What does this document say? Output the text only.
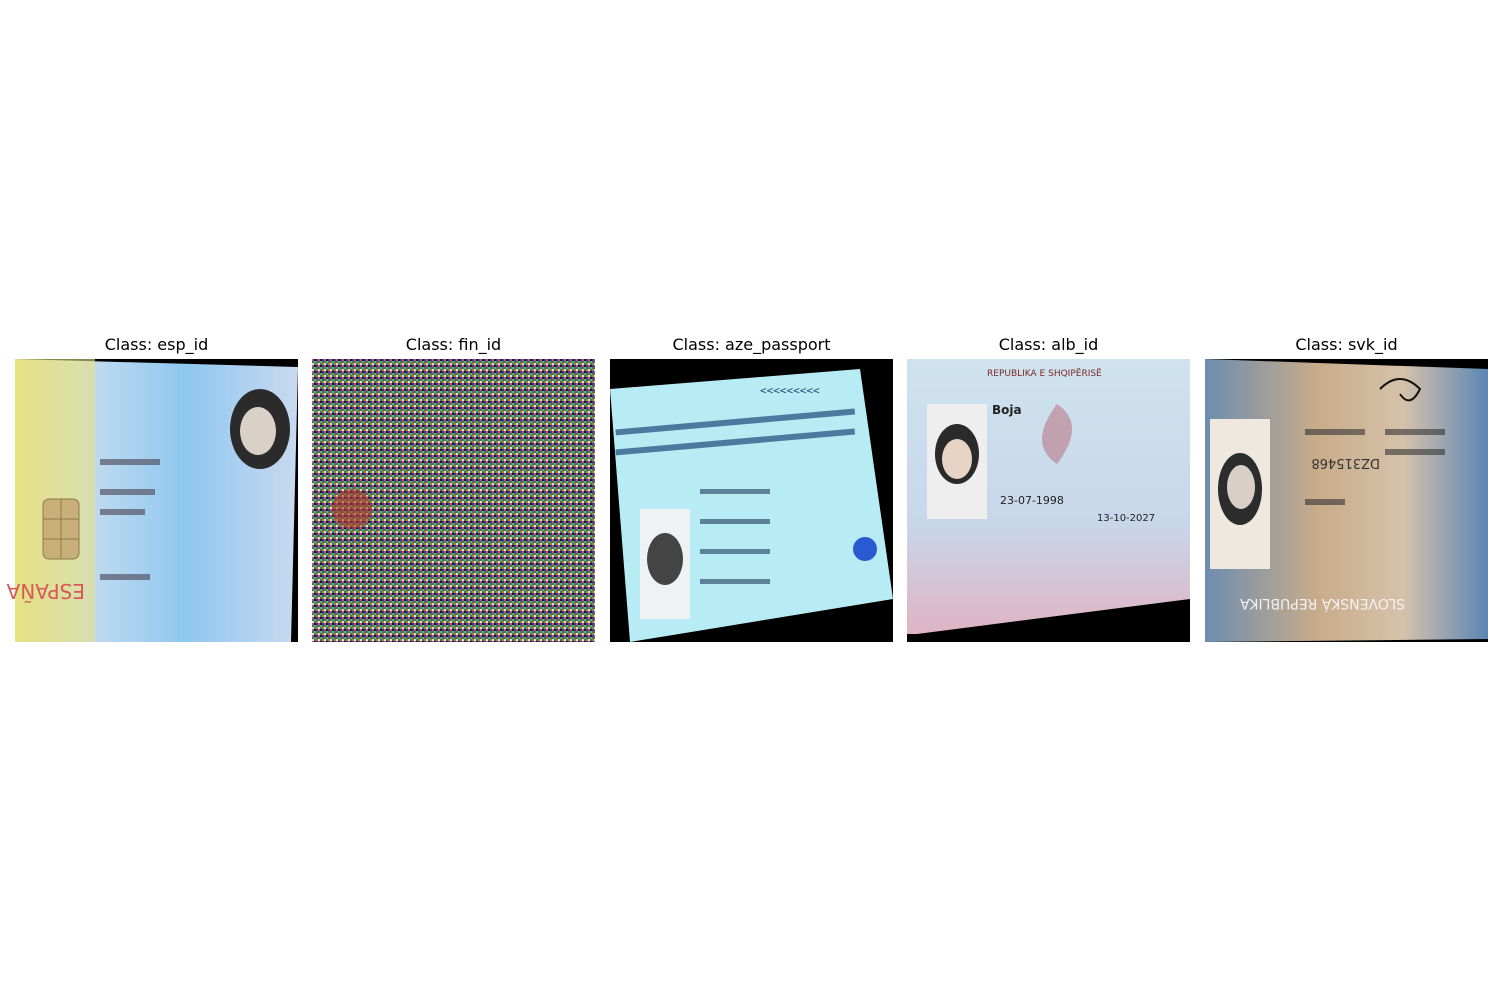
Class: esp_id
ESPAÑA
Class: fin_id	Class: aze_passport
<<<<<<<<<
Class: alb_id
REPUBLIKA E SHQIPËRISË
Boja
23-07-1998
13-10-2027
Class: svk_id
DZ315468
SLOVENSKÁ REPUBLIKA
